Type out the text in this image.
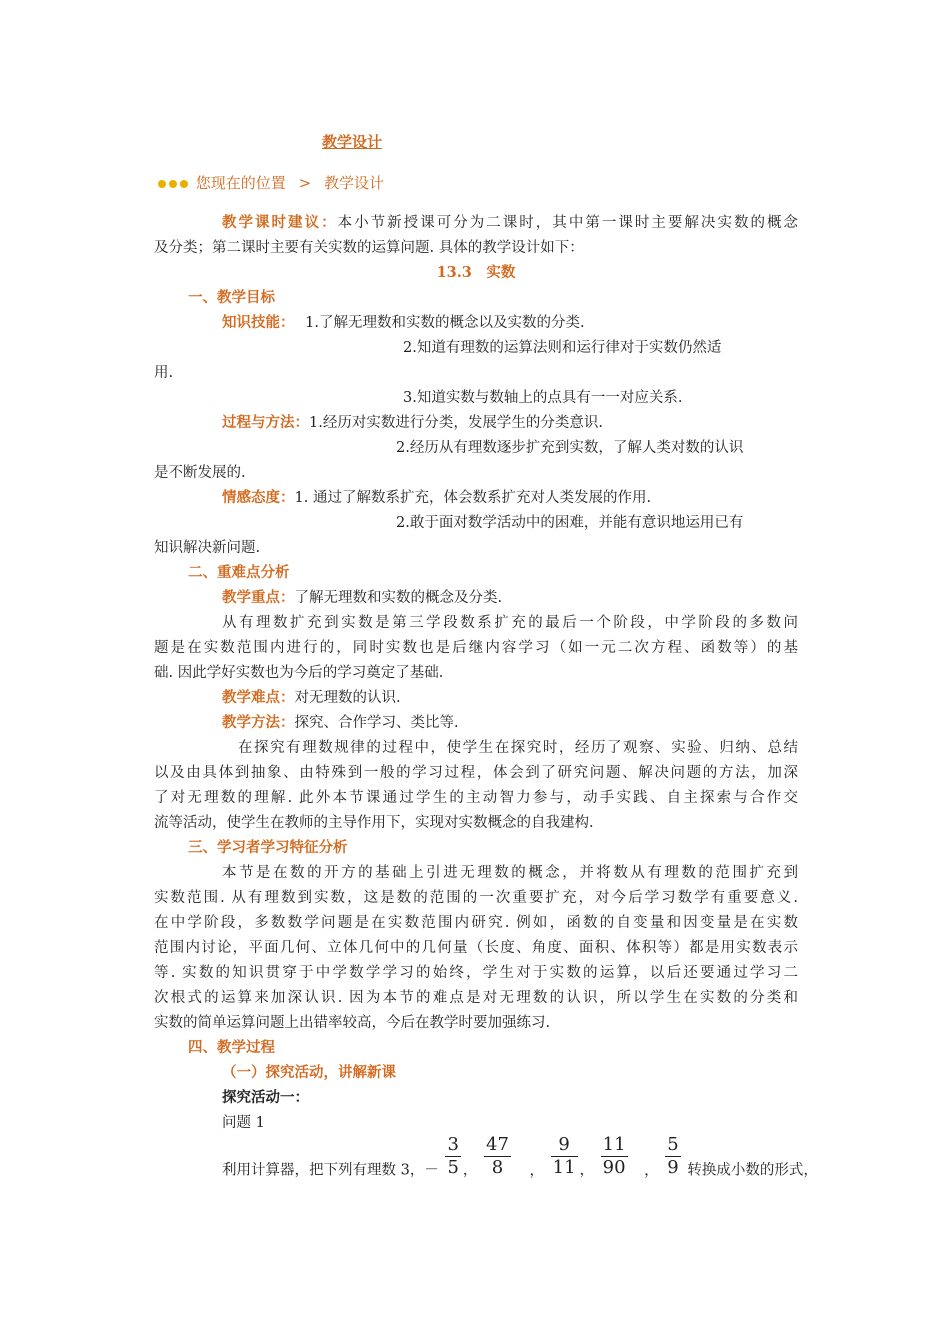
教学设计
您现在的位置 > 教学设计
教学课时建议：本小节新授课可分为二课时，其中第一课时主要解决实数的概念
及分类；第二课时主要有关实数的运算问题. 具体的教学设计如下：
13.3　实数
一、教学目标
知识技能： 1.了解无理数和实数的概念以及实数的分类.
2.知道有理数的运算法则和运行律对于实数仍然适
用.
3.知道实数与数轴上的点具有一一对应关系.
过程与方法：1.经历对实数进行分类，发展学生的分类意识.
2.经历从有理数逐步扩充到实数，了解人类对数的认识
是不断发展的.
情感态度：1. 通过了解数系扩充，体会数系扩充对人类发展的作用.
2.敢于面对数学活动中的困难，并能有意识地运用已有
知识解决新问题.
二、重难点分析
教学重点：了解无理数和实数的概念及分类.
从有理数扩充到实数是第三学段数系扩充的最后一个阶段，中学阶段的多数问
题是在实数范围内进行的，同时实数也是后继内容学习（如一元二次方程、函数等）的基
础. 因此学好实数也为今后的学习奠定了基础.
教学难点：对无理数的认识.
教学方法：探究、合作学习、类比等.
在探究有理数规律的过程中，使学生在探究时，经历了观察、实验、归纳、总结
以及由具体到抽象、由特殊到一般的学习过程，体会到了研究问题、解决问题的方法，加深
了对无理数的理解. 此外本节课通过学生的主动智力参与，动手实践、自主探索与合作交
流等活动，使学生在教师的主导作用下，实现对实数概念的自我建构.
三、学习者学习特征分析
本节是在数的开方的基础上引进无理数的概念，并将数从有理数的范围扩充到
实数范围. 从有理数到实数，这是数的范围的一次重要扩充，对今后学习数学有重要意义.
在中学阶段，多数数学问题是在实数范围内研究. 例如，函数的自变量和因变量是在实数
范围内讨论，平面几何、立体几何中的几何量（长度、角度、面积、体积等）都是用实数表示
等. 实数的知识贯穿于中学数学学习的始终，学生对于实数的运算，以后还要通过学习二
次根式的运算来加深认识. 因为本节的难点是对无理数的认识，所以学生在实数的分类和
实数的简单运算问题上出错率较高，今后在教学时要加强练习.
四、教学过程
（一）探究活动，讲解新课
探究活动一：
问题 1
利用计算器，把下列有理数 3，－ $\frac{3}{5}$ ， $\frac{47}{8}$ ， $\frac{9}{11}$ ， $\frac{11}{90}$ ， $\frac{5}{9}$ 转换成小数的形式，
